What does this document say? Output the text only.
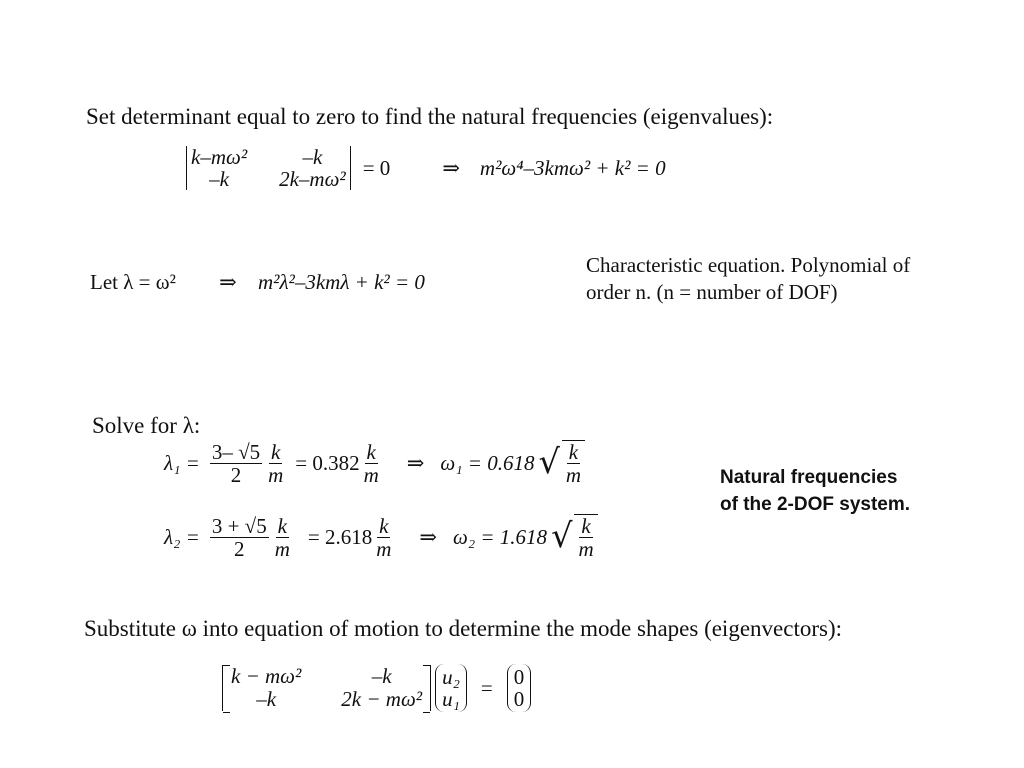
Set determinant equal to zero to find the natural frequencies (eigenvalues):
k–mω²	–k
–k	2k–mω² = 0 ⇒ m²ω⁴–3kmω² + k² = 0
Let λ = ω² ⇒ m²λ²–3kmλ + k² = 0
Characteristic equation. Polynomial of
order n. (n = number of DOF)
Solve for λ:
$\lambda_1 = \frac{3- √5}{2} \frac{k}{m} = 0.382 \frac{k}{m}$ ⇒ ω₁ = 0.618 √ $\frac{k}{m}$
$\lambda_2 = \frac{3 + √5}{2} \frac{k}{m} = 2.618 \frac{k}{m}$ ⇒ ω₂ = 1.618 √ $\frac{k}{m}$
Natural frequencies
of the 2-DOF system.
Substitute ω into equation of motion to determine the mode shapes (eigenvectors):
k − mω²	–k
–k	2k − mω²
u₂
u₁ = 0
0
